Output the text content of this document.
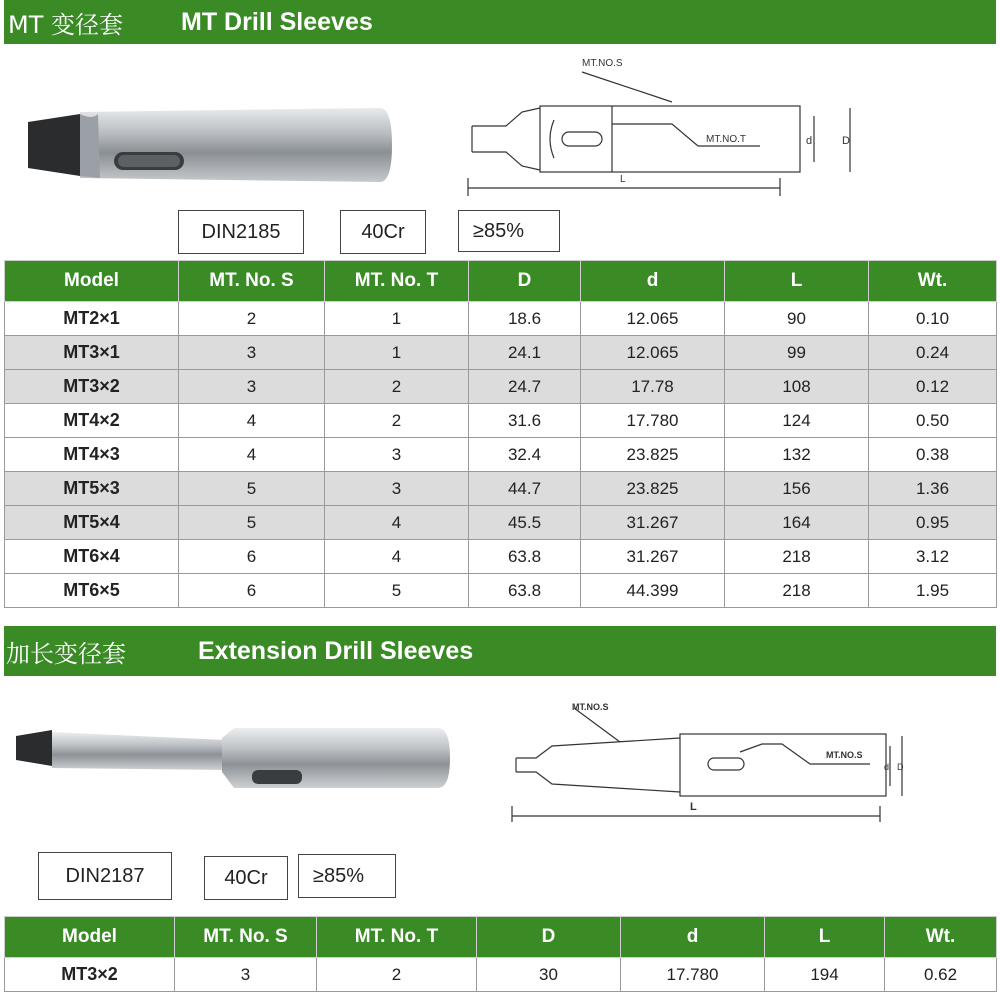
MT 变径套 MT Drill Sleeves
MT.NO.S
MT.NO.T
L
d	D
DIN2185	40Cr	≥85%
Model	MT. No. S	MT. No. T	D	d	L	Wt.
MT2×1	2	1	18.6	12.065	90	0.10
MT3×1	3	1	24.1	12.065	99	0.24
MT3×2	3	2	24.7	17.78	108	0.12
MT4×2	4	2	31.6	17.780	124	0.50
MT4×3	4	3	32.4	23.825	132	0.38
MT5×3	5	3	44.7	23.825	156	1.36
MT5×4	5	4	45.5	31.267	164	0.95
MT6×4	6	4	63.8	31.267	218	3.12
MT6×5	6	5	63.8	44.399	218	1.95
加长变径套	Extension Drill Sleeves
MT.NO.S
MT.NO.S
L
d D
DIN2187	40Cr	≥85%
Model	MT. No. S	MT. No. T	D	d	L	Wt.
MT3×2	3	2	30	17.780	194	0.62
